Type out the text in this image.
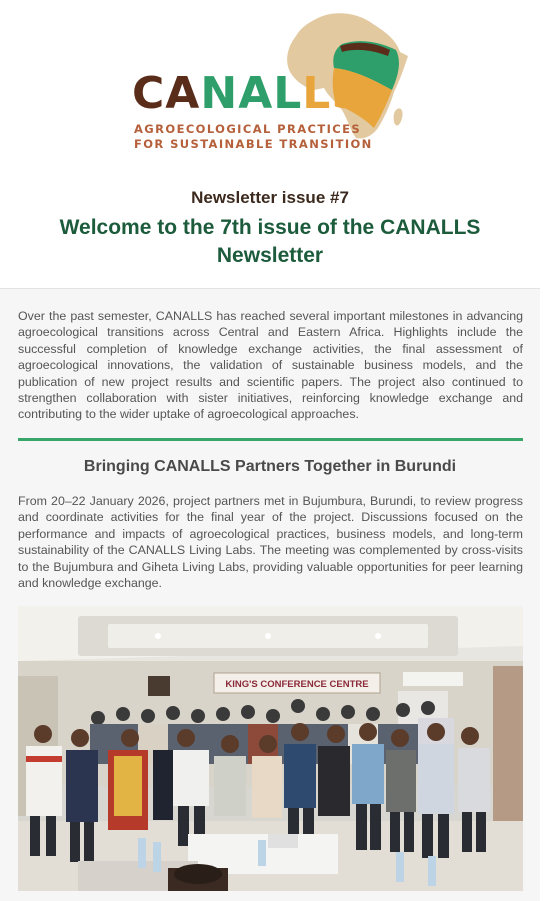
CANALLS
AGROECOLOGICAL PRACTICES
FOR SUSTAINABLE TRANSITION
Newsletter issue #7
Welcome to the 7th issue of the CANALLS Newsletter

Over the past semester, CANALLS has reached several important milestones in advancing agroecological transitions across Central and Eastern Africa. Highlights include the successful completion of knowledge exchange activities, the final assessment of agroecological innovations, the validation of sustainable business models, and the publication of new project results and scientific papers. The project also continued to strengthen collaboration with sister initiatives, reinforcing knowledge exchange and contributing to the wider uptake of agroecological approaches.

Bringing CANALLS Partners Together in Burundi

From 20–22 January 2026, project partners met in Bujumbura, Burundi, to review progress and coordinate activities for the final year of the project. Discussions focused on the performance and impacts of agroecological practices, business models, and long-term sustainability of the CANALLS Living Labs. The meeting was complemented by cross-visits to the Bujumbura and Giheta Living Labs, providing valuable opportunities for peer learning and knowledge exchange.

KING'S CONFERENCE CENTRE
